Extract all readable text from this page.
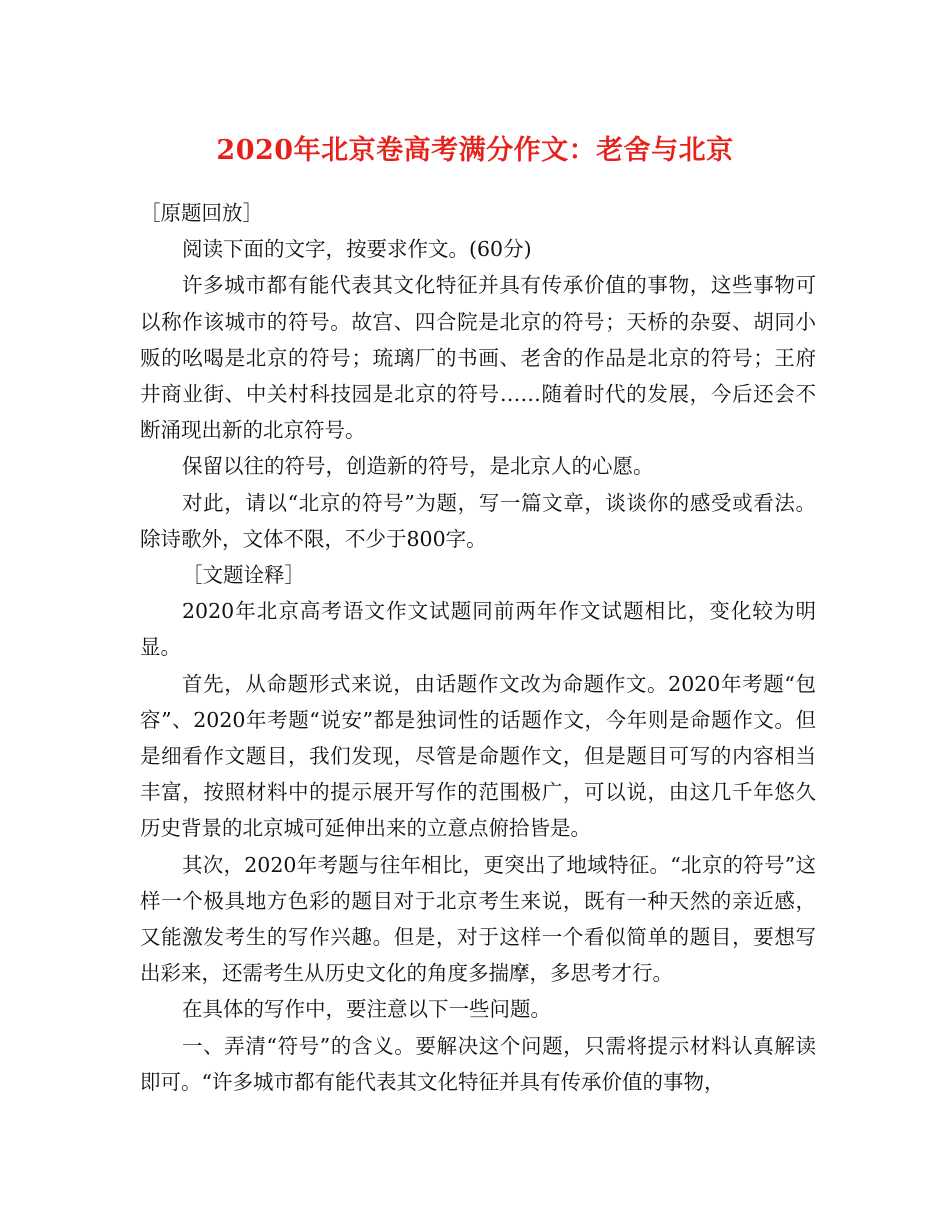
2020年北京卷高考满分作文：老舍与北京

［原题回放］

阅读下面的文字，按要求作文。(60分)

许多城市都有能代表其文化特征并具有传承价值的事物，这些事物可以称作该城市的符号。故宫、四合院是北京的符号；天桥的杂耍、胡同小贩的吆喝是北京的符号；琉璃厂的书画、老舍的作品是北京的符号；王府井商业街、中关村科技园是北京的符号……随着时代的发展，今后还会不断涌现出新的北京符号。

保留以往的符号，创造新的符号，是北京人的心愿。

对此，请以“北京的符号”为题，写一篇文章，谈谈你的感受或看法。除诗歌外，文体不限，不少于800字。

［文题诠释］

2020年北京高考语文作文试题同前两年作文试题相比，变化较为明显。

首先，从命题形式来说，由话题作文改为命题作文。2020年考题“包容”、2020年考题“说安”都是独词性的话题作文，今年则是命题作文。但是细看作文题目，我们发现，尽管是命题作文，但是题目可写的内容相当丰富，按照材料中的提示展开写作的范围极广，可以说，由这几千年悠久历史背景的北京城可延伸出来的立意点俯拾皆是。

其次，2020年考题与往年相比，更突出了地域特征。“北京的符号”这样一个极具地方色彩的题目对于北京考生来说，既有一种天然的亲近感，又能激发考生的写作兴趣。但是，对于这样一个看似简单的题目，要想写出彩来，还需考生从历史文化的角度多揣摩，多思考才行。

在具体的写作中，要注意以下一些问题。

一、弄清“符号”的含义。要解决这个问题，只需将提示材料认真解读即可。“许多城市都有能代表其文化特征并具有传承价值的事物，
